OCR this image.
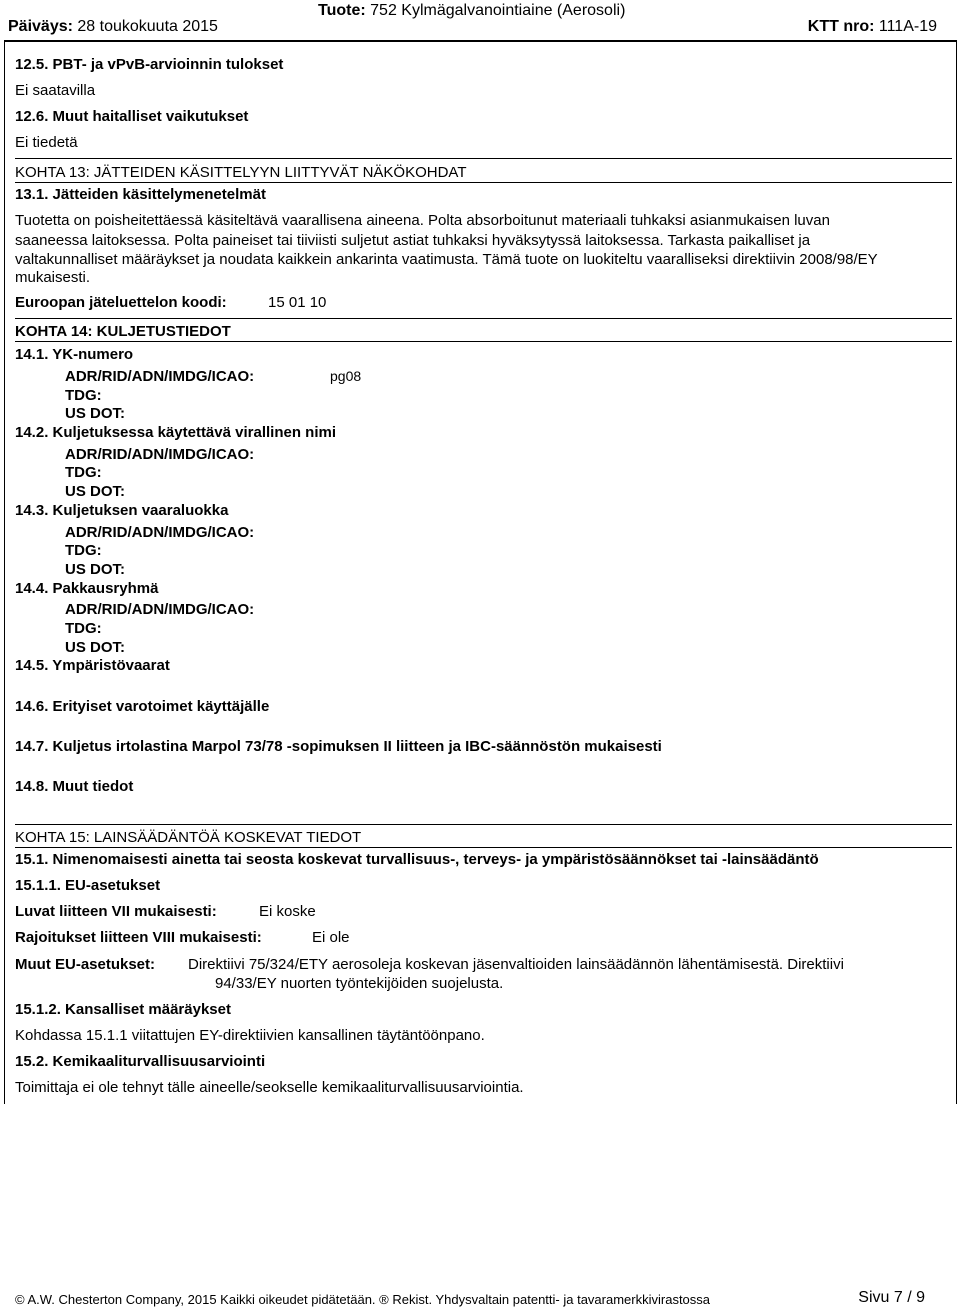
Päiväys: 28 toukokuuta 2015
Tuote: 752 Kylmägalvanointiaine (Aerosoli)
KTT nro: 111A-19
12.5. PBT- ja vPvB-arvioinnin tulokset
Ei saatavilla
12.6. Muut haitalliset vaikutukset
Ei tiedetä
KOHTA 13: JÄTTEIDEN KÄSITTELYYN LIITTYVÄT NÄKÖKOHDAT
13.1. Jätteiden käsittelymenetelmät
Tuotetta on poisheitettäessä käsiteltävä vaarallisena aineena. Polta absorboitunut materiaali tuhkaksi asianmukaisen luvan
saaneessa laitoksessa. Polta paineiset tai tiiviisti suljetut astiat tuhkaksi hyväksytyssä laitoksessa. Tarkasta paikalliset ja
valtakunnalliset määräykset ja noudata kaikkein ankarinta vaatimusta. Tämä tuote on luokiteltu vaaralliseksi direktiivin 2008/98/EY
mukaisesti.
Euroopan jäteluettelon koodi:	15 01 10
KOHTA 14: KULJETUSTIEDOT
14.1. YK-numero
ADR/RID/ADN/IMDG/ICAO:	pg08
TDG:
US DOT:
14.2. Kuljetuksessa käytettävä virallinen nimi
ADR/RID/ADN/IMDG/ICAO:
TDG:
US DOT:
14.3. Kuljetuksen vaaraluokka
ADR/RID/ADN/IMDG/ICAO:
TDG:
US DOT:
14.4. Pakkausryhmä
ADR/RID/ADN/IMDG/ICAO:
TDG:
US DOT:
14.5. Ympäristövaarat
14.6. Erityiset varotoimet käyttäjälle
14.7. Kuljetus irtolastina Marpol 73/78 -sopimuksen II liitteen ja IBC-säännöstön mukaisesti
14.8. Muut tiedot
KOHTA 15: LAINSÄÄDÄNTÖÄ KOSKEVAT TIEDOT
15.1. Nimenomaisesti ainetta tai seosta koskevat turvallisuus-, terveys- ja ympäristösäännökset tai -lainsäädäntö
15.1.1. EU-asetukset
Luvat liitteen VII mukaisesti:	Ei koske
Rajoitukset liitteen VIII mukaisesti:	Ei ole
Muut EU-asetukset: Direktiivi 75/324/ETY aerosoleja koskevan jäsenvaltioiden lainsäädännön lähentämisestä. Direktiivi
94/33/EY nuorten työntekijöiden suojelusta.
15.1.2. Kansalliset määräykset
Kohdassa 15.1.1 viitattujen EY-direktiivien kansallinen täytäntöönpano.
15.2. Kemikaaliturvallisuusarviointi
Toimittaja ei ole tehnyt tälle aineelle/seokselle kemikaaliturvallisuusarviointia.
© A.W. Chesterton Company, 2015 Kaikki oikeudet pidätetään. ® Rekist. Yhdysvaltain patentti- ja tavaramerkkivirastossa	Sivu 7 / 9
